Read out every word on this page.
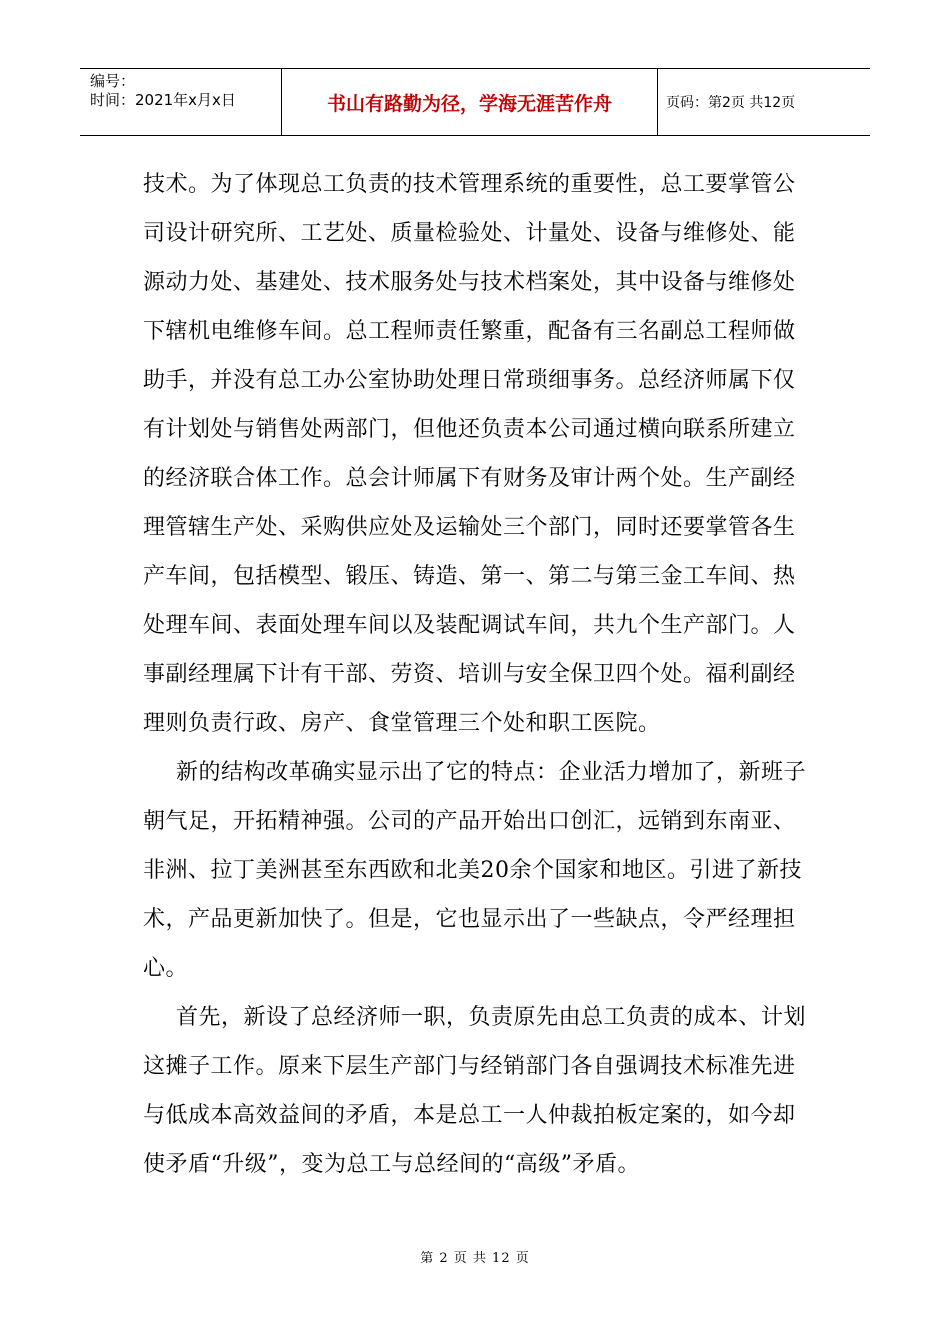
编号：
时间：2021年x月x日	书山有路勤为径，学海无涯苦作舟	页码：第2页 共12页
技术。为了体现总工负责的技术管理系统的重要性，总工要掌管公
司设计研究所、工艺处、质量检验处、计量处、设备与维修处、能
源动力处、基建处、技术服务处与技术档案处，其中设备与维修处
下辖机电维修车间。总工程师责任繁重，配备有三名副总工程师做
助手，并没有总工办公室协助处理日常琐细事务。总经济师属下仅
有计划处与销售处两部门，但他还负责本公司通过横向联系所建立
的经济联合体工作。总会计师属下有财务及审计两个处。生产副经
理管辖生产处、采购供应处及运输处三个部门，同时还要掌管各生
产车间，包括模型、锻压、铸造、第一、第二与第三金工车间、热
处理车间、表面处理车间以及装配调试车间，共九个生产部门。人
事副经理属下计有干部、劳资、培训与安全保卫四个处。福利副经
理则负责行政、房产、食堂管理三个处和职工医院。
新的结构改革确实显示出了它的特点：企业活力增加了，新班子
朝气足，开拓精神强。公司的产品开始出口创汇，远销到东南亚、
非洲、拉丁美洲甚至东西欧和北美20余个国家和地区。引进了新技
术，产品更新加快了。但是，它也显示出了一些缺点，令严经理担
心。
首先，新设了总经济师一职，负责原先由总工负责的成本、计划
这摊子工作。原来下层生产部门与经销部门各自强调技术标准先进
与低成本高效益间的矛盾，本是总工一人仲裁拍板定案的，如今却
使矛盾“升级”，变为总工与总经间的“高级”矛盾。
第 2 页 共 12 页
